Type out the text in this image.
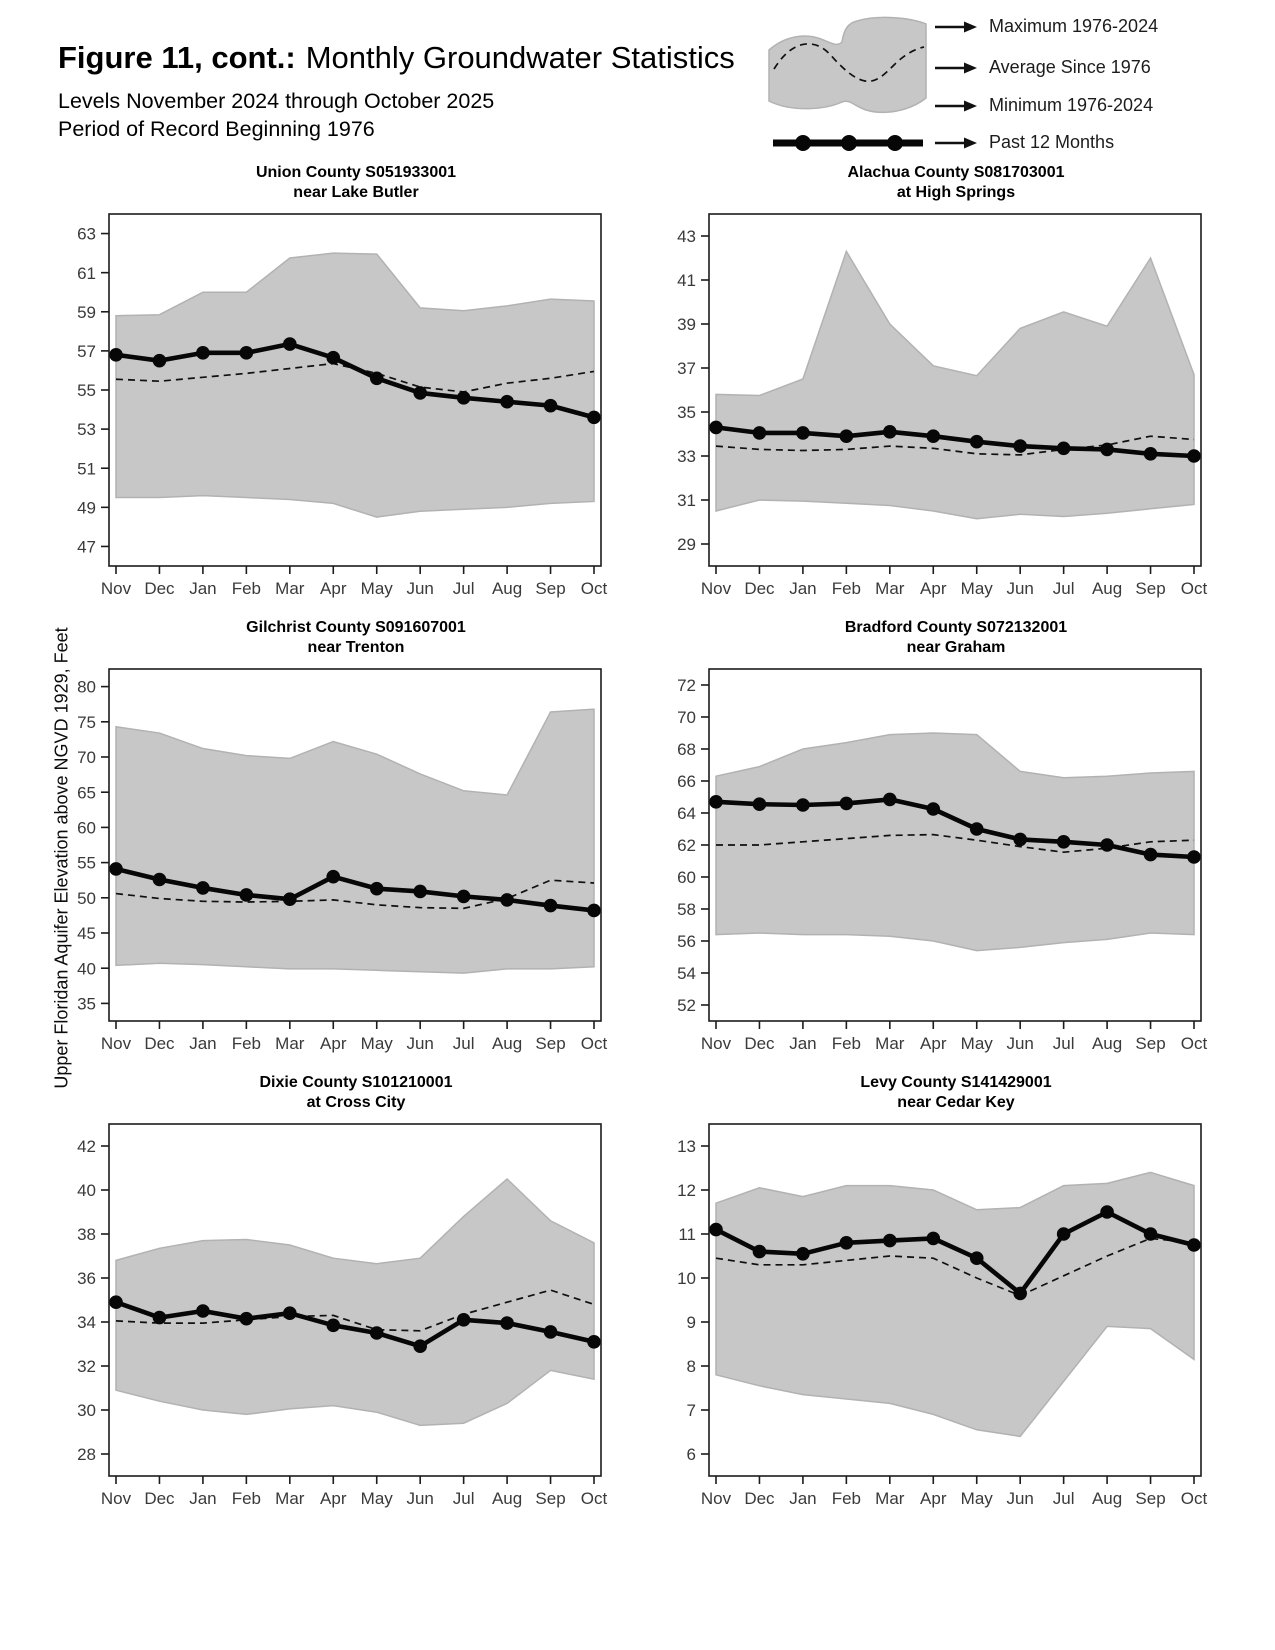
Figure 11, cont.: Monthly Groundwater Statistics
Levels November 2024 through October 2025
Period of Record Beginning 1976
Maximum 1976-2024
Average Since 1976
Minimum 1976-2024
Past 12 Months
Upper Floridan Aquifer Elevation above NGVD 1929, Feet
Union County S051933001
near Lake Butler
47
49
51
53
55
57
59
61
63
Nov Dec Jan Feb Mar Apr May Jun Jul Aug Sep Oct
Alachua County S081703001
at High Springs
29
31
33
35
37
39
41
43
Nov Dec Jan Feb Mar Apr May Jun Jul Aug Sep Oct
Gilchrist County S091607001
near Trenton
35
40
45
50
55
60
65
70
75
80
Nov Dec Jan Feb Mar Apr May Jun Jul Aug Sep Oct
Bradford County S072132001
near Graham
52
54
56
58
60
62
64
66
68
70
72
Nov Dec Jan Feb Mar Apr May Jun Jul Aug Sep Oct
Dixie County S101210001
at Cross City
28
30
32
34
36
38
40
42
Nov Dec Jan Feb Mar Apr May Jun Jul Aug Sep Oct
Levy County S141429001
near Cedar Key
6
7
8
9
10
11
12
13
Nov Dec Jan Feb Mar Apr May Jun Jul Aug Sep Oct
